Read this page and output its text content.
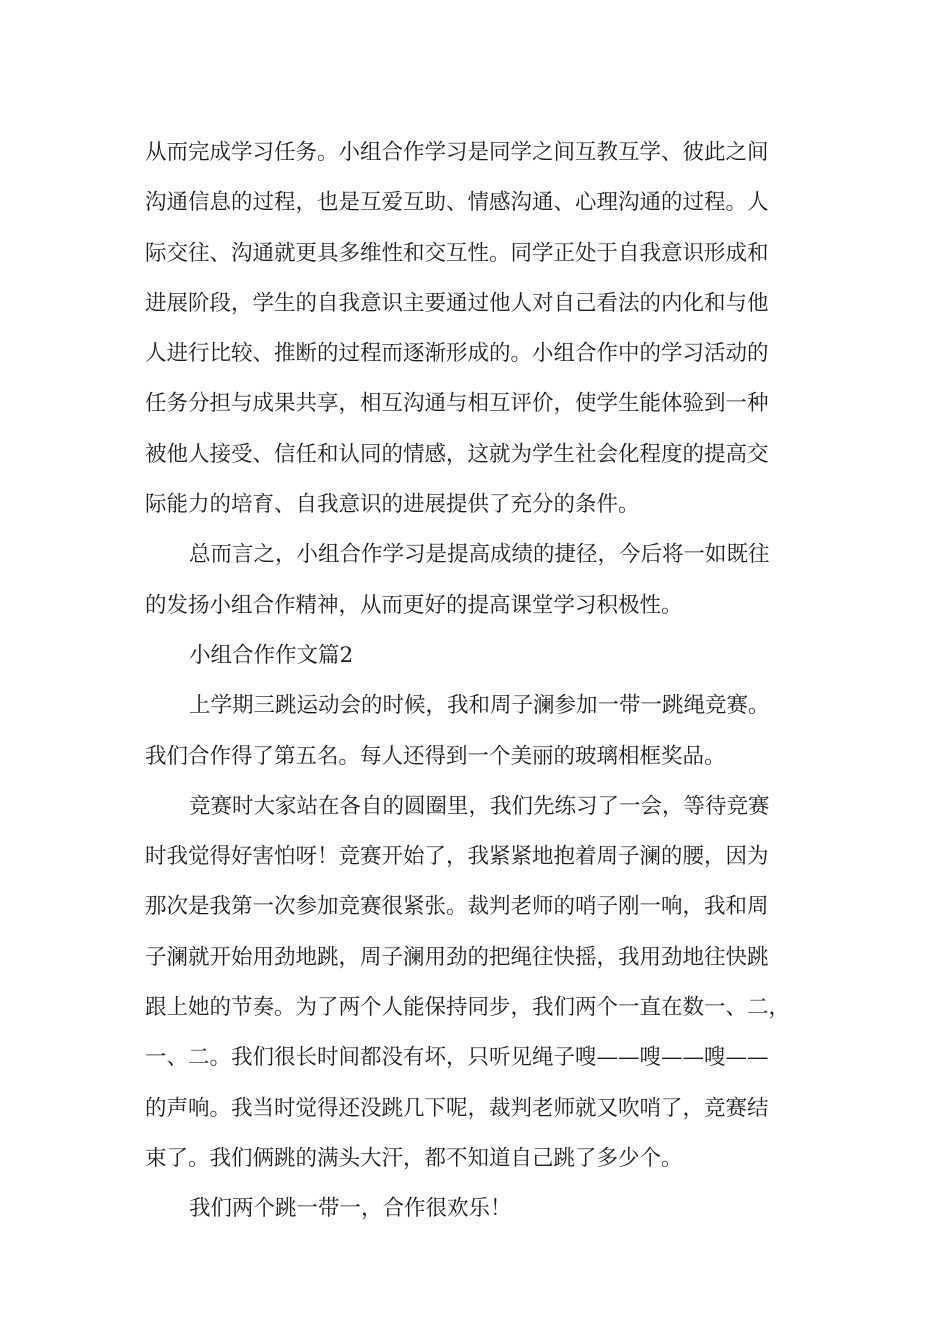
从而完成学习任务。小组合作学习是同学之间互教互学、彼此之间
沟通信息的过程，也是互爱互助、情感沟通、心理沟通的过程。人
际交往、沟通就更具多维性和交互性。同学正处于自我意识形成和
进展阶段，学生的自我意识主要通过他人对自己看法的内化和与他
人进行比较、推断的过程而逐渐形成的。小组合作中的学习活动的
任务分担与成果共享，相互沟通与相互评价，使学生能体验到一种
被他人接受、信任和认同的情感，这就为学生社会化程度的提高交
际能力的培育、自我意识的进展提供了充分的条件。
总而言之，小组合作学习是提高成绩的捷径，今后将一如既往
的发扬小组合作精神，从而更好的提高课堂学习积极性。
小组合作作文篇2
上学期三跳运动会的时候，我和周子澜参加一带一跳绳竞赛。
我们合作得了第五名。每人还得到一个美丽的玻璃相框奖品。
竞赛时大家站在各自的圆圈里，我们先练习了一会，等待竞赛
时我觉得好害怕呀！竞赛开始了，我紧紧地抱着周子澜的腰，因为
那次是我第一次参加竞赛很紧张。裁判老师的哨子刚一响，我和周
子澜就开始用劲地跳，周子澜用劲的把绳往快摇，我用劲地往快跳
跟上她的节奏。为了两个人能保持同步，我们两个一直在数一、二，
一、二。我们很长时间都没有坏，只听见绳子嗖——嗖——嗖——
的声响。我当时觉得还没跳几下呢，裁判老师就又吹哨了，竞赛结
束了。我们俩跳的满头大汗，都不知道自己跳了多少个。
我们两个跳一带一，合作很欢乐！
